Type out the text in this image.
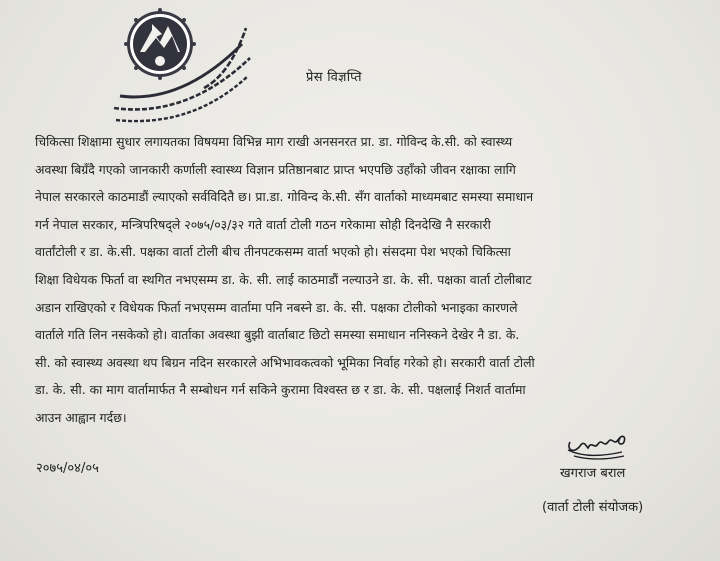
प्रेस विज्ञप्ति

चिकित्सा शिक्षामा सुधार लगायतका विषयमा विभिन्न माग राखी अनसनरत प्रा. डा. गोविन्द के.सी. को स्वास्थ्य
अवस्था बिग्रँदै गएको जानकारी कर्णाली स्वास्थ्य विज्ञान प्रतिष्ठानबाट प्राप्त भएपछि उहाँको जीवन रक्षाका लागि
नेपाल सरकारले काठमाडौं ल्याएको सर्वविदितै छ। प्रा.डा. गोविन्द के.सी. सँग वार्ताको माध्यमबाट समस्या समाधान
गर्न नेपाल सरकार, मन्त्रिपरिषद्ले २०७५/०३/३२ गते वार्ता टोली गठन गरेकामा सोही दिनदेखि नै सरकारी
वार्तांटोली र डा. के.सी. पक्षका वार्ता टोली बीच तीनपटकसम्म वार्ता भएको हो। संसदमा पेश भएको चिकित्सा
शिक्षा विधेयक फिर्ता वा स्थगित नभएसम्म डा. के. सी. लाई काठमाडौं नल्याउने डा. के. सी. पक्षका वार्ता टोलीबाट
अडान राखिएको र विधेयक फिर्ता नभएसम्म वार्तामा पनि नबस्ने डा. के. सी. पक्षका टोलीको भनाइका कारणले
वार्ताले गति लिन नसकेको हो। वार्ताका अवस्था बुझी वार्ताबाट छिटो समस्या समाधान ननिस्कने देखेर नै डा. के.
सी. को स्वास्थ्य अवस्था थप बिग्रन नदिन सरकारले अभिभावकत्वको भूमिका निर्वाह गरेको हो। सरकारी वार्ता टोली
डा. के. सी. का माग वार्तामार्फत नै सम्बोधन गर्न सकिने कुरामा विश्वस्त छ र डा. के. सी. पक्षलाई निशर्त वार्तामा
आउन आह्वान गर्दछ।

२०७५/०४/०५	खगराज बराल
(वार्ता टोली संयोजक)
